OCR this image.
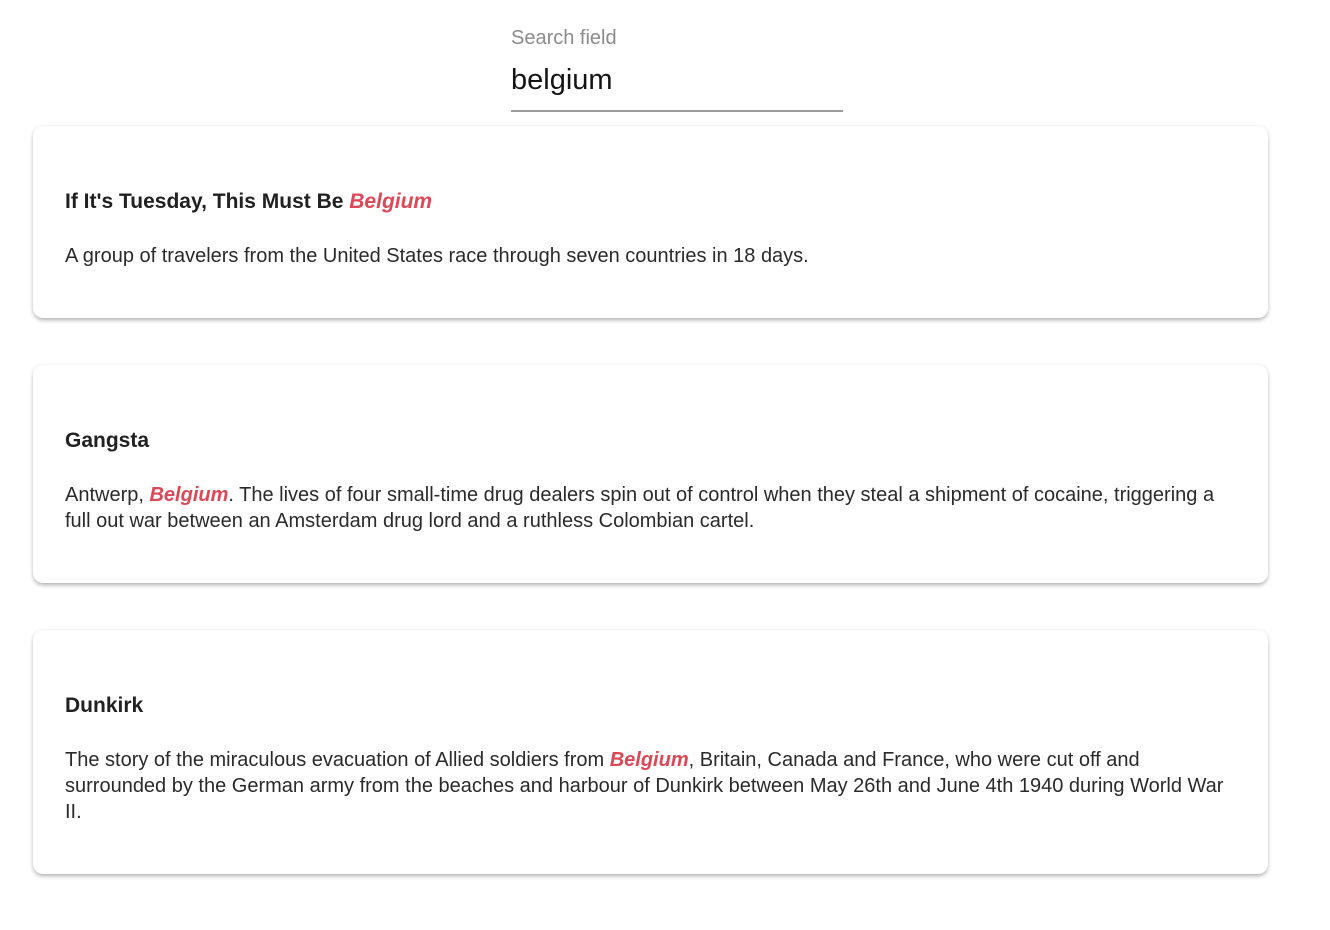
Search field
belgium
If It's Tuesday, This Must Be Belgium

A group of travelers from the United States race through seven countries in 18 days.

Gangsta

Antwerp, Belgium. The lives of four small-time drug dealers spin out of control when they steal a shipment of cocaine, triggering a full out war between an Amsterdam drug lord and a ruthless Colombian cartel.

Dunkirk

The story of the miraculous evacuation of Allied soldiers from Belgium, Britain, Canada and France, who were cut off and surrounded by the German army from the beaches and harbour of Dunkirk between May 26th and June 4th 1940 during World War II.
